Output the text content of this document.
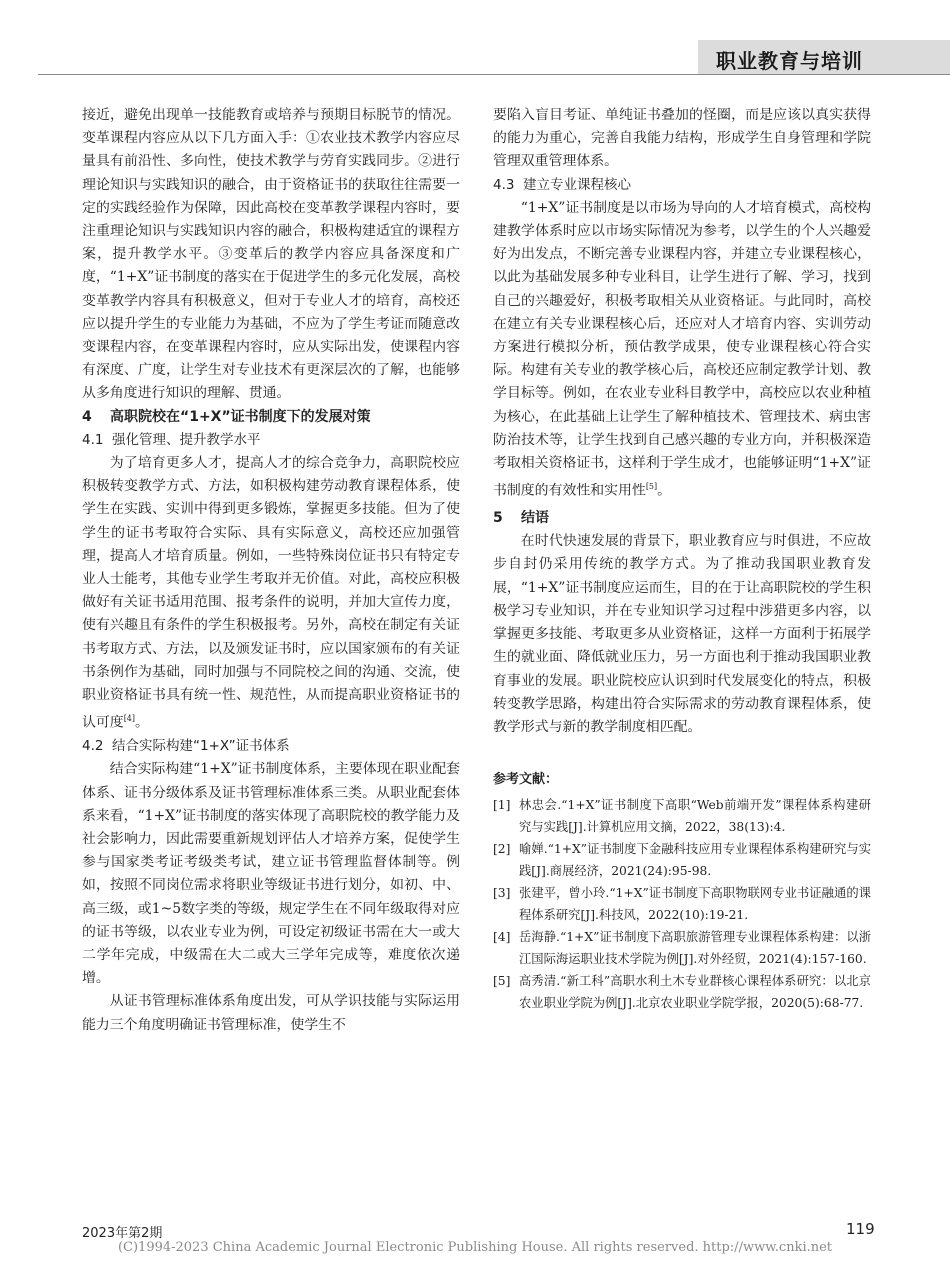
职业教育与培训

接近，避免出现单一技能教育或培养与预期目标脱节的情况。变革课程内容应从以下几方面入手：①农业技术教学内容应尽量具有前沿性、多向性，使技术教学与劳育实践同步。②进行理论知识与实践知识的融合，由于资格证书的获取往往需要一定的实践经验作为保障，因此高校在变革教学课程内容时，要注重理论知识与实践知识内容的融合，积极构建适宜的课程方案，提升教学水平。③变革后的教学内容应具备深度和广度，“1+X”证书制度的落实在于促进学生的多元化发展，高校变革教学内容具有积极意义，但对于专业人才的培育，高校还应以提升学生的专业能力为基础，不应为了学生考证而随意改变课程内容，在变革课程内容时，应从实际出发，使课程内容有深度、广度，让学生对专业技术有更深层次的了解，也能够从多角度进行知识的理解、贯通。

4 高职院校在“1+X”证书制度下的发展对策
4.1 强化管理、提升教学水平

为了培育更多人才，提高人才的综合竞争力，高职院校应积极转变教学方式、方法，如积极构建劳动教育课程体系，使学生在实践、实训中得到更多锻炼，掌握更多技能。但为了使学生的证书考取符合实际、具有实际意义，高校还应加强管理，提高人才培育质量。例如，一些特殊岗位证书只有特定专业人士能考，其他专业学生考取并无价值。对此，高校应积极做好有关证书适用范围、报考条件的说明，并加大宣传力度，使有兴趣且有条件的学生积极报考。另外，高校在制定有关证书考取方式、方法，以及颁发证书时，应以国家颁布的有关证书条例作为基础，同时加强与不同院校之间的沟通、交流，使职业资格证书具有统一性、规范性，从而提高职业资格证书的认可度[4]。

4.2 结合实际构建“1+X”证书体系

结合实际构建“1+X”证书制度体系，主要体现在职业配套体系、证书分级体系及证书管理标准体系三类。从职业配套体系来看，“1+X”证书制度的落实体现了高职院校的教学能力及社会影响力，因此需要重新规划评估人才培养方案，促使学生参与国家类考证考级类考试，建立证书管理监督体制等。例如，按照不同岗位需求将职业等级证书进行划分，如初、中、高三级，或1~5数字类的等级，规定学生在不同年级取得对应的证书等级，以农业专业为例，可设定初级证书需在大一或大二学年完成，中级需在大二或大三学年完成等，难度依次递增。

从证书管理标准体系角度出发，可从学识技能与实际运用能力三个角度明确证书管理标准，使学生不

要陷入盲目考证、单纯证书叠加的怪圈，而是应该以真实获得的能力为重心，完善自我能力结构，形成学生自身管理和学院管理双重管理体系。

4.3 建立专业课程核心

“1+X”证书制度是以市场为导向的人才培育模式，高校构建教学体系时应以市场实际情况为参考，以学生的个人兴趣爱好为出发点，不断完善专业课程内容，并建立专业课程核心，以此为基础发展多种专业科目，让学生进行了解、学习，找到自己的兴趣爱好，积极考取相关从业资格证。与此同时，高校在建立有关专业课程核心后，还应对人才培育内容、实训劳动方案进行模拟分析，预估教学成果，使专业课程核心符合实际。构建有关专业的教学核心后，高校还应制定教学计划、教学目标等。例如，在农业专业科目教学中，高校应以农业种植为核心，在此基础上让学生了解种植技术、管理技术、病虫害防治技术等，让学生找到自己感兴趣的专业方向，并积极深造考取相关资格证书，这样利于学生成才，也能够证明“1+X”证书制度的有效性和实用性[5]。

5 结语

在时代快速发展的背景下，职业教育应与时俱进，不应故步自封仍采用传统的教学方式。为了推动我国职业教育发展，“1+X”证书制度应运而生，目的在于让高职院校的学生积极学习专业知识，并在专业知识学习过程中涉猎更多内容，以掌握更多技能、考取更多从业资格证，这样一方面利于拓展学生的就业面、降低就业压力，另一方面也利于推动我国职业教育事业的发展。职业院校应认识到时代发展变化的特点，积极转变教学思路，构建出符合实际需求的劳动教育课程体系，使教学形式与新的教学制度相匹配。

参考文献：
[1] 林忠会.“1+X”证书制度下高职“Web前端开发”课程体系构建研究与实践[J].计算机应用文摘，2022，38(13):4.
[2] 喻婵.“1+X”证书制度下金融科技应用专业课程体系构建研究与实践[J].商展经济，2021(24):95-98.
[3] 张建平，曾小玲.“1+X”证书制度下高职物联网专业书证融通的课程体系研究[J].科技风，2022(10):19-21.
[4] 岳海静.“1+X”证书制度下高职旅游管理专业课程体系构建：以浙江国际海运职业技术学院为例[J].对外经贸，2021(4):157-160.
[5] 高秀清.“新工科”高职水利土木专业群核心课程体系研究：以北京农业职业学院为例[J].北京农业职业学院学报，2020(5):68-77.
2023年第2期	119
(C)1994-2023 China Academic Journal Electronic Publishing House. All rights reserved. http://www.cnki.net
